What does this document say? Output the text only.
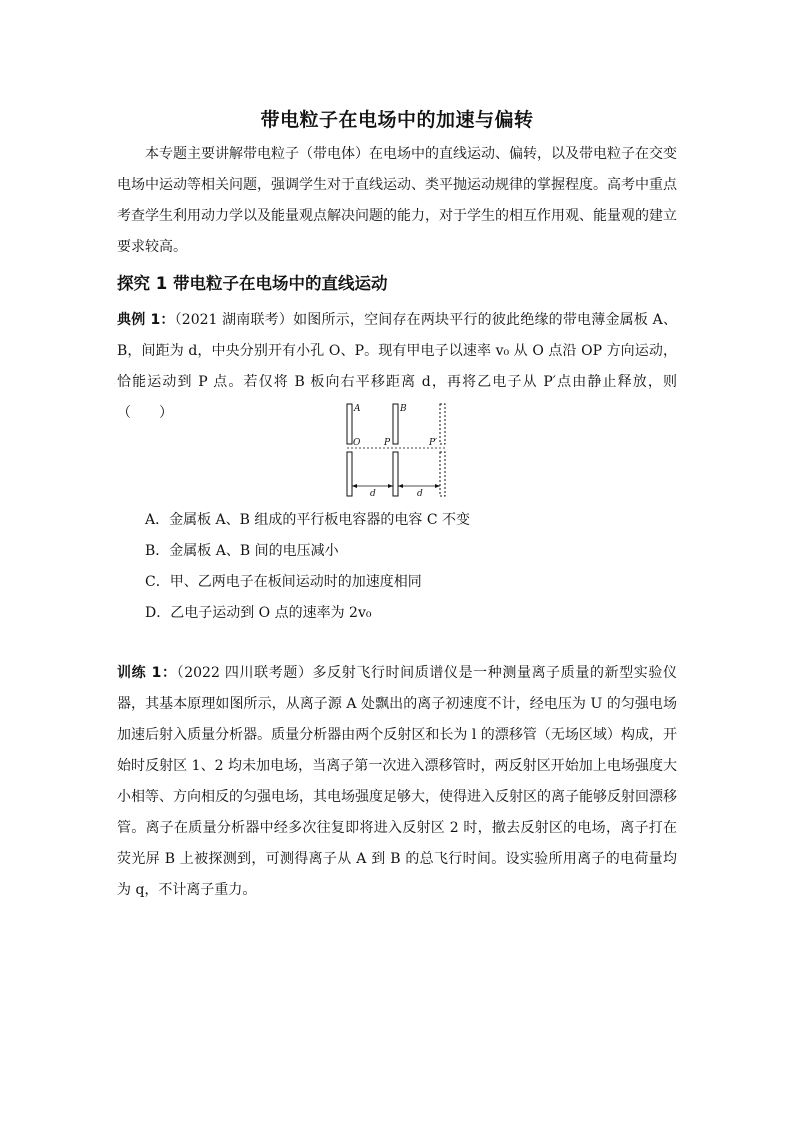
带电粒子在电场中的加速与偏转
本专题主要讲解带电粒子（带电体）在电场中的直线运动、偏转，以及带电粒子在交变电场中运动等相关问题，强调学生对于直线运动、类平抛运动规律的掌握程度。高考中重点考查学生利用动力学以及能量观点解决问题的能力，对于学生的相互作用观、能量观的建立要求较高。
探究 1 带电粒子在电场中的直线运动
典例 1：（2021 湖南联考）如图所示，空间存在两块平行的彼此绝缘的带电薄金属板 A、B，间距为 d，中央分别开有小孔 O、P。现有甲电子以速率 v₀ 从 O 点沿 OP 方向运动，恰能运动到 P 点。若仅将 B 板向右平移距离 d，再将乙电子从 P′点由静止释放，则（　　）	A	B
O	P	P′
d	d
A．金属板 A、B 组成的平行板电容器的电容 C 不变
B．金属板 A、B 间的电压减小
C．甲、乙两电子在板间运动时的加速度相同
D．乙电子运动到 O 点的速率为 2v₀
训练 1：（2022 四川联考题）多反射飞行时间质谱仪是一种测量离子质量的新型实验仪器，其基本原理如图所示，从离子源 A 处飘出的离子初速度不计，经电压为 U 的匀强电场加速后射入质量分析器。质量分析器由两个反射区和长为 l 的漂移管（无场区域）构成，开始时反射区 1、2 均未加电场，当离子第一次进入漂移管时，两反射区开始加上电场强度大小相等、方向相反的匀强电场，其电场强度足够大，使得进入反射区的离子能够反射回漂移管。离子在质量分析器中经多次往复即将进入反射区 2 时，撤去反射区的电场，离子打在荧光屏 B 上被探测到，可测得离子从 A 到 B 的总飞行时间。设实验所用离子的电荷量均为 q，不计离子重力。
